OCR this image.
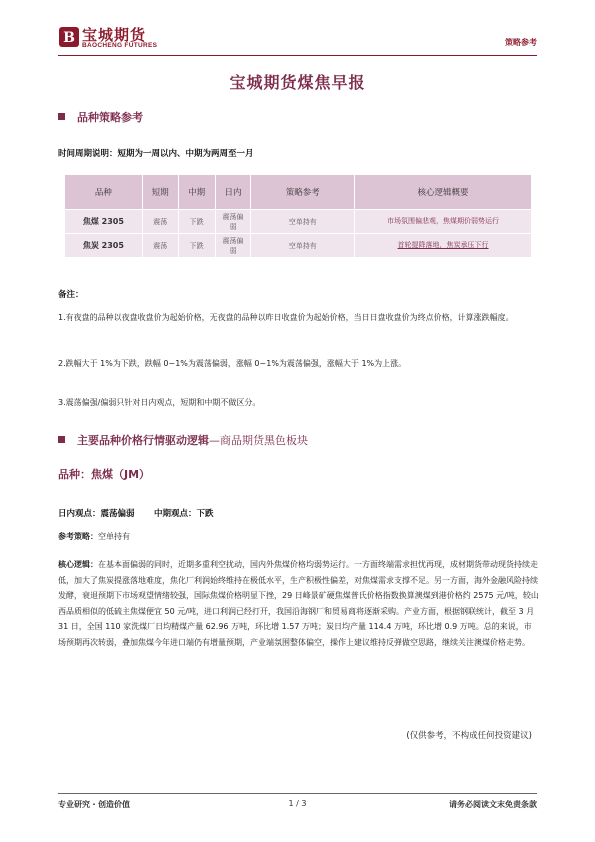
B 宝城期货
BAOCHENG FUTURES	策略参考
宝城期货煤焦早报
品种策略参考
时间周期说明：短期为一周以内、中期为两周至一月
品种	短期	中期	日内	策略参考	核心逻辑概要
焦煤 2305	震荡	下跌	震荡偏弱	空单持有	市场氛围偏悲观，焦煤期价弱势运行
焦炭 2305	震荡	下跌	震荡偏弱	空单持有	首轮提降落地，焦炭承压下行
备注：
1.有夜盘的品种以夜盘收盘价为起始价格，无夜盘的品种以昨日收盘价为起始价格，当日日盘收盘价为终点价格，计算涨跌幅度。
2.跌幅大于 1%为下跌，跌幅 0~1%为震荡偏弱，涨幅 0~1%为震荡偏强，涨幅大于 1%为上涨。
3.震荡偏强/偏弱只针对日内观点，短期和中期不做区分。
主要品种价格行情驱动逻辑—商品期货黑色板块
品种：焦煤（JM）
日内观点：震荡偏弱 中期观点：下跌
参考策略：空单持有
核心逻辑：在基本面偏弱的同时，近期多重利空扰动，国内外焦煤价格均弱势运行。一方面终端需求担忧再现，成材期货带动现货持续走低，加大了焦炭提涨落地难度，焦化厂利润始终维持在极低水平，生产积极性偏差，对焦煤需求支撑不足。另一方面，海外金融风险持续发酵，衰退预期下市场观望情绪较强，国际焦煤价格明显下挫，29 日峰景矿硬焦煤普氏价格指数换算澳煤到港价格约 2575 元/吨，较山西品质相似的低硫主焦煤便宜 50 元/吨，进口利润已经打开，我国沿海钢厂和贸易商将逐渐采购。产业方面，根据钢联统计，截至 3 月 31 日，全国 110 家洗煤厂日均精煤产量 62.96 万吨，环比增 1.57 万吨；炭日均产量 114.4 万吨，环比增 0.9 万吨。总的来说，市场预期再次转弱，叠加焦煤今年进口端仍有增量预期，产业端氛围整体偏空，操作上建议维持反弹做空思路，继续关注澳煤价格走势。
(仅供参考，不构成任何投资建议)
专业研究・创造价值	1 / 3	请务必阅读文末免责条款
